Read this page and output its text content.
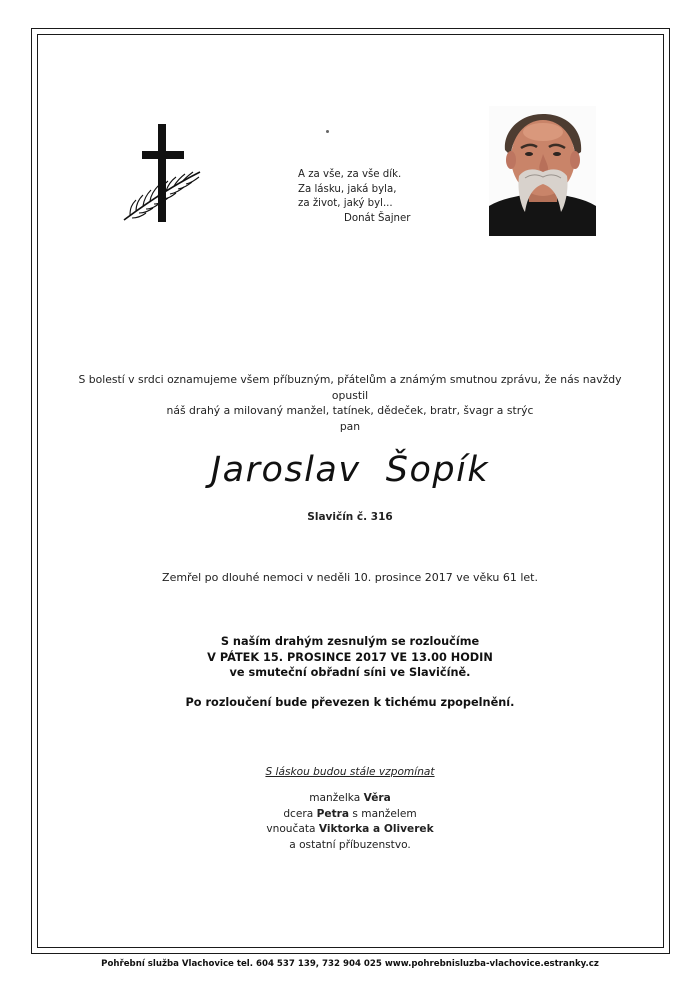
A za vše, za vše dík.
Za lásku, jaká byla,
za život, jaký byl...
Donát Šajner
S bolestí v srdci oznamujeme všem příbuzným, přátelům a známým smutnou zprávu, že nás navždy opustil
náš drahý a milovaný manžel, tatínek, dědeček, bratr, švagr a strýc
pan
Jaroslav  Šopík
Slavičín č. 316
Zemřel po dlouhé nemoci v neděli 10. prosince 2017 ve věku 61 let.
S naším drahým zesnulým se rozloučíme
V PÁTEK 15. PROSINCE 2017 VE 13.00 HODIN
ve smuteční obřadní síni ve Slavičíně.
Po rozloučení bude převezen k tichému zpopelnění.
S láskou budou stále vzpomínat
manželka Věra
dcera Petra s manželem
vnoučata Viktorka a Oliverek
a ostatní příbuzenstvo.
Pohřební služba Vlachovice tel. 604 537 139, 732 904 025 www.pohrebnisluzba-vlachovice.estranky.cz
